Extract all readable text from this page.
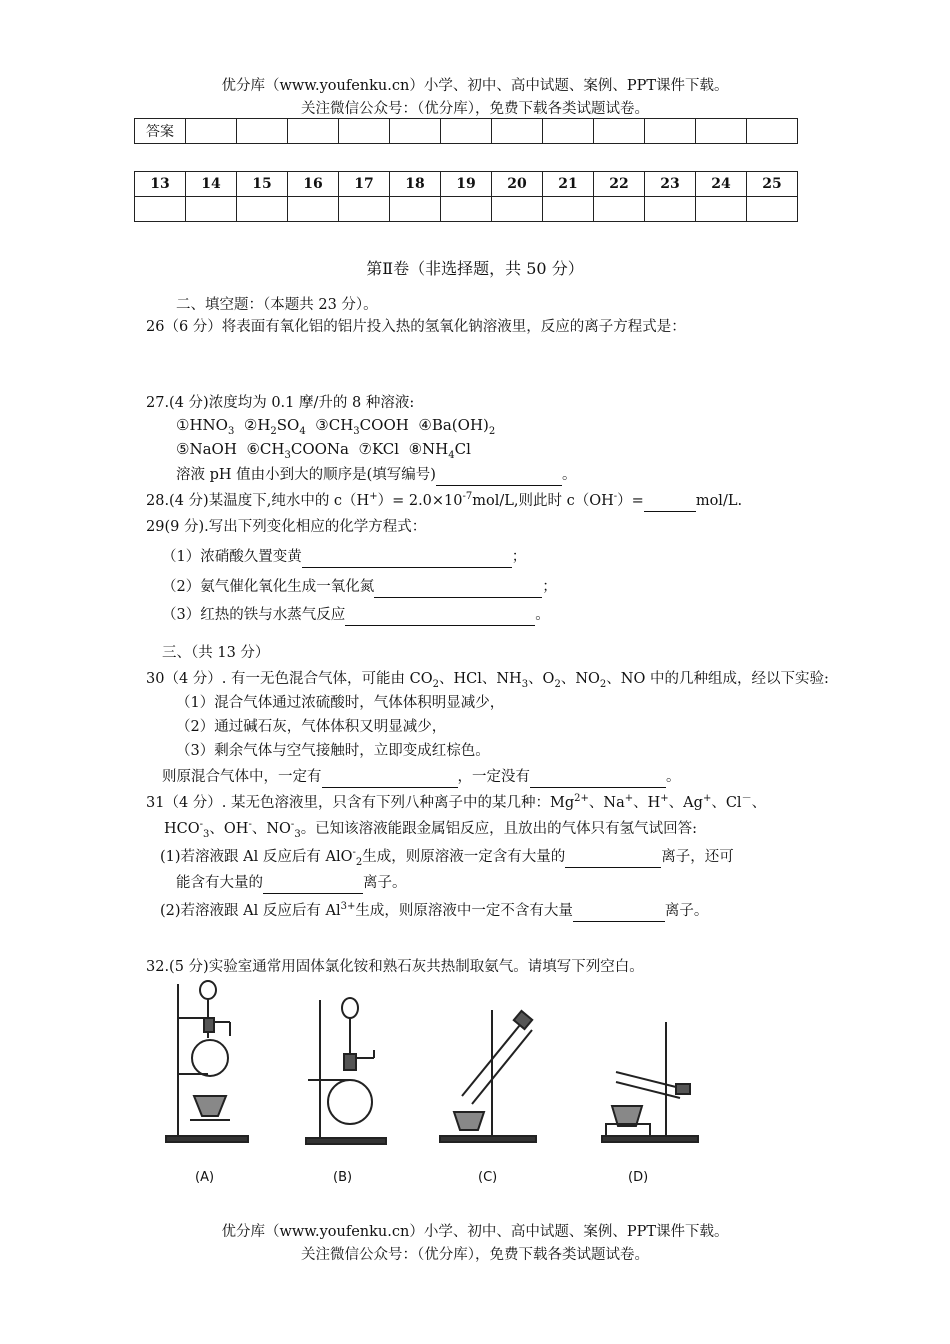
优分库（www.youfenku.cn）小学、初中、高中试题、案例、PPT课件下载。
关注微信公众号：（优分库），免费下载各类试题试卷。
答案												
13	14	15	16	17	18	19	20	21	22	23	24	25

第Ⅱ卷（非选择题，共 50 分）
二、填空题：（本题共 23 分）。
26（6 分）将表面有氧化铝的铝片投入热的氢氧化钠溶液里，反应的离子方程式是：
27.(4 分)浓度均为 0.1 摩/升的 8 种溶液:
$①HNO_3$ $②H_2SO_4$ $③CH_3COOH$ $④Ba(OH)_2$
⑤NaOH $⑥CH_3COONa$ ⑦KCl $⑧NH_4Cl$
溶液 pH 值由小到大的顺序是(填写编号)	。
28.(4 分)某温度下,纯水中的 $c(H^+)= 2.0\times 10^{-7}mol/L$,则此时 c（OH-）=	mol/L.
29(9 分).写出下列变化相应的化学方程式：
（1）浓硝酸久置变黄	；
（2）氨气催化氧化生成一氧化氮	；
（3）红热的铁与水蒸气反应	。
三、（共 13 分）
30（4 分）. 有一无色混合气体，可能由 $CO_2$、HCl、$NH_3$、$O_2$、$NO_2$、NO 中的几种组成，经以下实验:
（1）混合气体通过浓硫酸时，气体体积明显减少，
（2）通过碱石灰，气体体积又明显减少，
（3）剩余气体与空气接触时，立即变成红棕色。
则原混合气体中，一定有	，一定没有	。
31（4 分）. 某无色溶液里，只含有下列八种离子中的某几种：$Mg^{2+}$、Na+、H+、Ag+、Cl－、
$HCO^-_3$、OH-、$NO^-_3$。已知该溶液能跟金属铝反应，且放出的气体只有氢气试回答:
(1)若溶液跟 Al 反应后有 AlO-$_2$生成，则原溶液一定含有大量的	离子，还可
能含有大量的	离子。
(2)若溶液跟 Al 反应后有 $Al^{3+}$生成，则原溶液中一定不含有大量	离子。
32.(5 分)实验室通常用固体氯化铵和熟石灰共热制取氨气。请填写下列空白。
(A)	(B)	(C)	(D)
优分库（www.youfenku.cn）小学、初中、高中试题、案例、PPT课件下载。
关注微信公众号：（优分库），免费下载各类试题试卷。
